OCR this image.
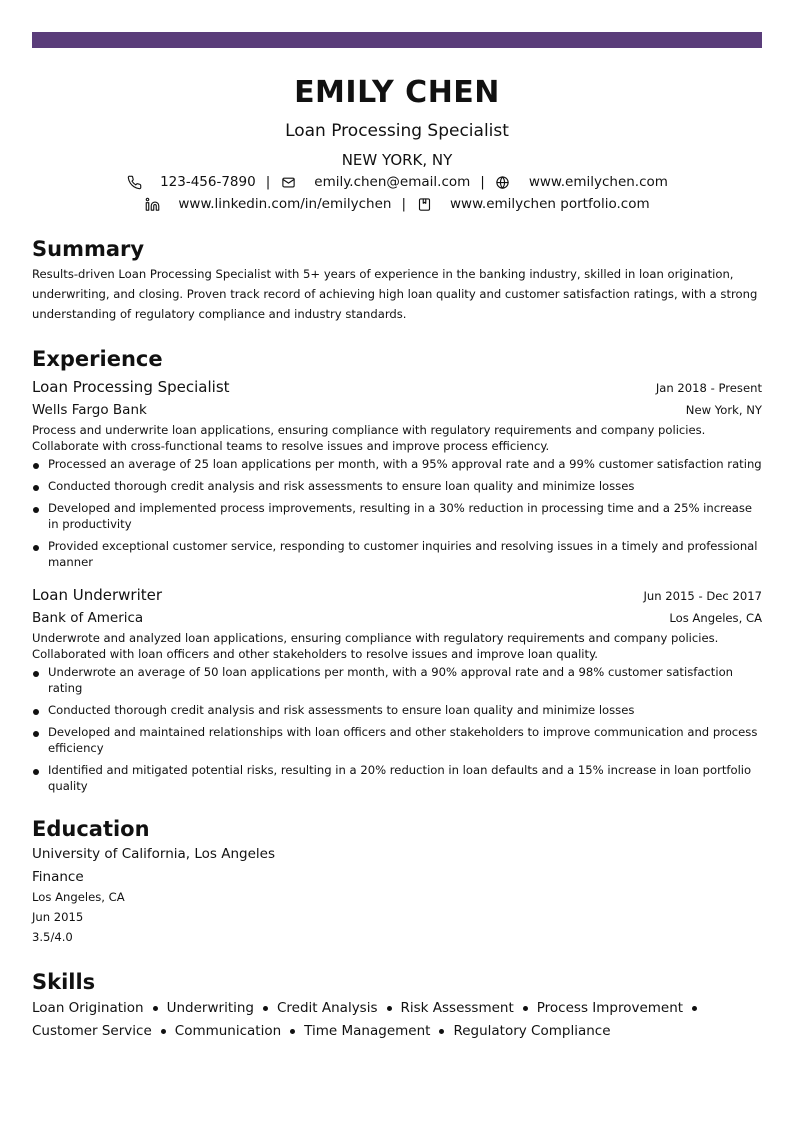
EMILY CHEN
Loan Processing Specialist
NEW YORK, NY
123-456-7890 |	emily.chen@email.com |	www.emilychen.com
www.linkedin.com/in/emilychen |	www.emilychen portfolio.com
Summary
Results-driven Loan Processing Specialist with 5+ years of experience in the banking industry, skilled in loan origination, underwriting, and closing. Proven track record of achieving high loan quality and customer satisfaction ratings, with a strong understanding of regulatory compliance and industry standards.
Experience
Loan Processing Specialist	Jan 2018 - Present
Wells Fargo Bank	New York, NY
Process and underwrite loan applications, ensuring compliance with regulatory requirements and company policies. Collaborate with cross-functional teams to resolve issues and improve process efficiency.
Processed an average of 25 loan applications per month, with a 95% approval rate and a 99% customer satisfaction rating
Conducted thorough credit analysis and risk assessments to ensure loan quality and minimize losses
Developed and implemented process improvements, resulting in a 30% reduction in processing time and a 25% increase in productivity
Provided exceptional customer service, responding to customer inquiries and resolving issues in a timely and professional manner
Loan Underwriter	Jun 2015 - Dec 2017
Bank of America	Los Angeles, CA
Underwrote and analyzed loan applications, ensuring compliance with regulatory requirements and company policies. Collaborated with loan officers and other stakeholders to resolve issues and improve loan quality.
Underwrote an average of 50 loan applications per month, with a 90% approval rate and a 98% customer satisfaction rating
Conducted thorough credit analysis and risk assessments to ensure loan quality and minimize losses
Developed and maintained relationships with loan officers and other stakeholders to improve communication and process efficiency
Identified and mitigated potential risks, resulting in a 20% reduction in loan defaults and a 15% increase in loan portfolio quality
Education
University of California, Los Angeles
Finance
Los Angeles, CA
Jun 2015
3.5/4.0
Skills
Loan Origination Underwriting Credit Analysis Risk Assessment Process Improvement
Customer Service Communication Time Management Regulatory Compliance
